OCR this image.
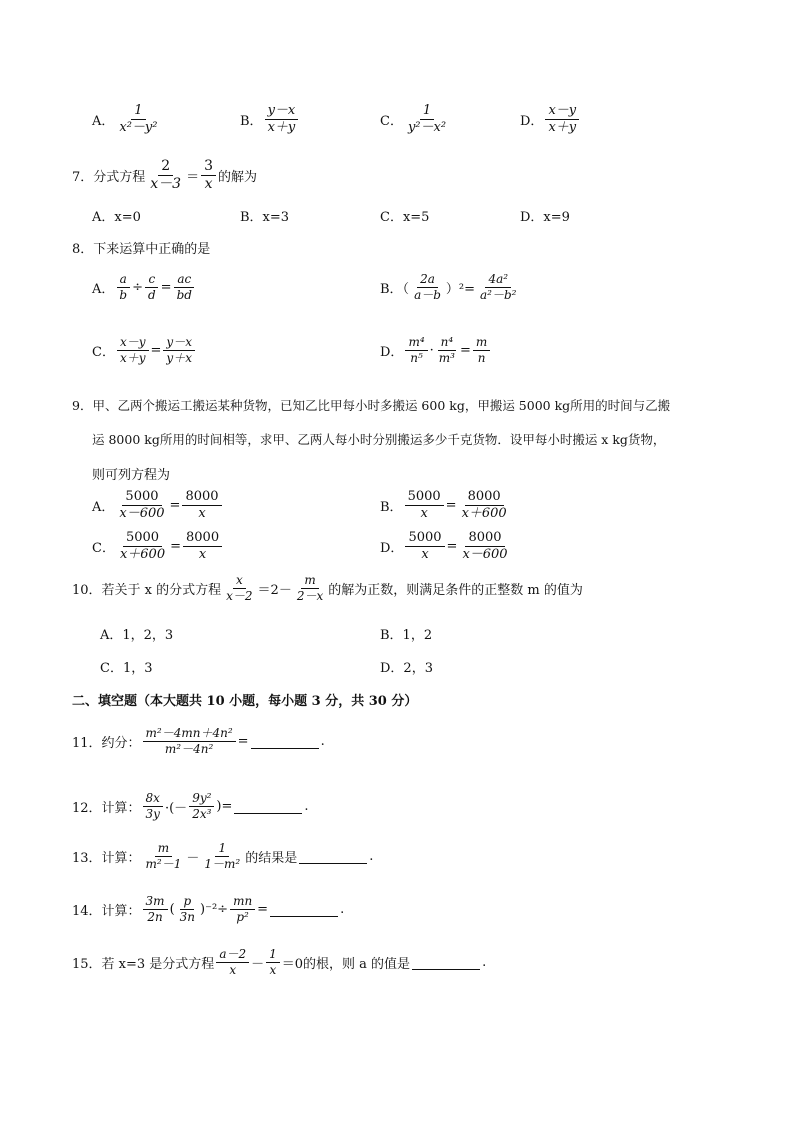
A． $\frac{1}{\text{x²－y²}}$	B． $\frac{y-x}{x+y}$	C． $\frac{1}{\text{y²－x²}}$	D． $\frac{x-y}{x+y}$
7．分式方程 $\frac{2}{x-3} = \frac{3}{x}$ 的解为
A．x=0	B．x=3	C．x=5	D．x=9
8．下来运算中正确的是
A． $\frac{a}{b} \div \frac{c}{d} = \frac{ac}{bd}$	B．（ $\frac{2a}{a-b} )^2= \frac{\text{4a²}}{\text{a²－b²}}$
C． $\frac{x-y}{x+y} = \frac{y-x}{y+x}$	D． $\frac{\text{m⁴}}{\text{n⁵}} \cdot \frac{\text{n⁴}}{\text{m³}} = \frac{m}{n}$
9．甲、乙两个搬运工搬运某种货物，已知乙比甲每小时多搬运 600 kg，甲搬运 5000 kg所用的时间与乙搬
运 8000 kg所用的时间相等，求甲、乙两人每小时分别搬运多少千克货物．设甲每小时搬运 x kg货物，
则可列方程为
A． $\frac{5000}{x-600} = \frac{8000}{x}$	B． $\frac{5000}{x} = \frac{8000}{x+600}$
C． $\frac{5000}{x+600} = \frac{8000}{x}$	D． $\frac{5000}{x} = \frac{8000}{x-600}$
10．若关于 x 的分式方程 $\frac{x}{x-2} =2- \frac{m}{2-x}$ 的解为正数，则满足条件的正整数 m 的值为
A．1，2，3	B．1，2
C．1，3	D．2，3
二、填空题（本大题共 10 小题，每小题 3 分，共 30 分）
11．约分： $\frac{\text{m²－4mn＋4n²}}{\text{m²－4n²}}$ =	.
12．计算： $\frac{8x}{3y}$ ·(－ $\frac{\text{9y²}}{\text{2x³}}$ )=	.
13．计算： $\frac{m}{\text{m²－1}} - \frac{1}{\text{1－m²}}$ 的结果是	.
14．计算： $\frac{3m}{2n}$ ( $\frac{p}{3n} )^{-2}\div \frac{mn}{\text{p²}}$ =	.
15．若 x=3 是分式方程 $\frac{a-2}{x} - \frac{1}{x} =0$ 的根，则 a 的值是	.
